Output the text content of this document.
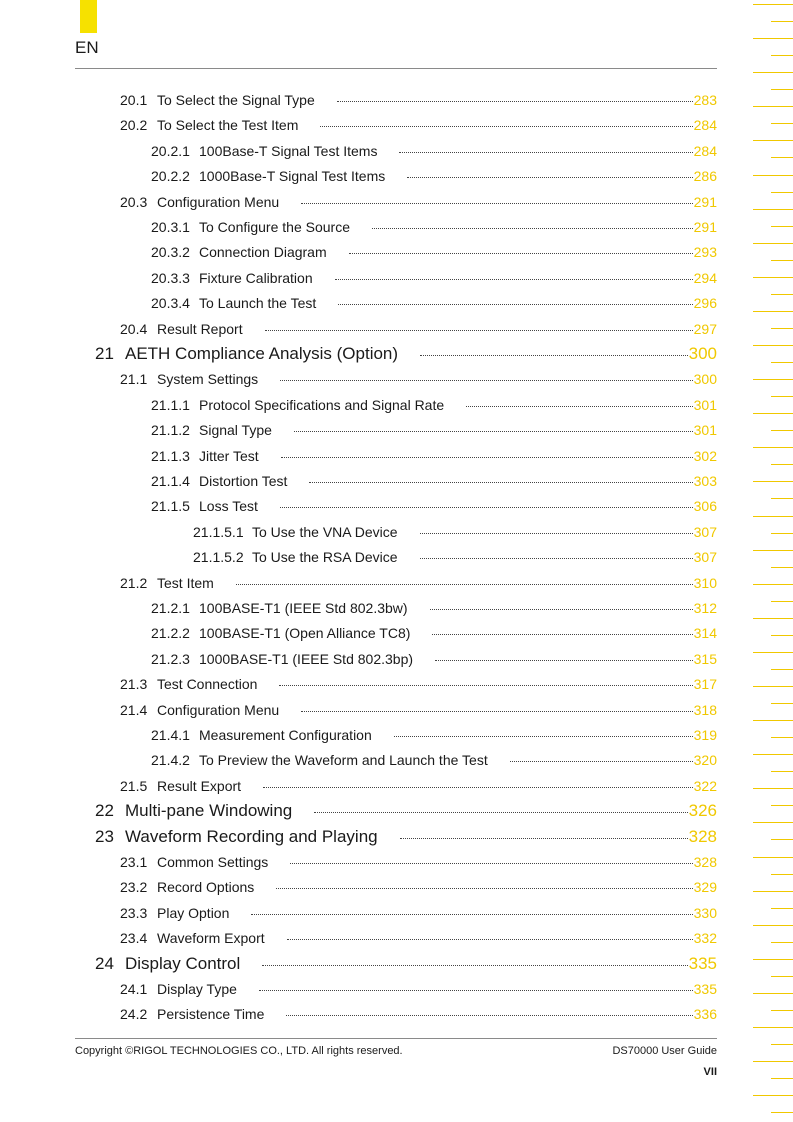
EN
20.1 To Select the Signal Type	283
20.2 To Select the Test Item	284
20.2.1 100Base-T Signal Test Items	284
20.2.2 1000Base-T Signal Test Items	286
20.3 Configuration Menu	291
20.3.1 To Configure the Source	291
20.3.2 Connection Diagram	293
20.3.3 Fixture Calibration	294
20.3.4 To Launch the Test	296
20.4 Result Report	297
21 AETH Compliance Analysis (Option)	300
21.1 System Settings	300
21.1.1 Protocol Specifications and Signal Rate	301
21.1.2 Signal Type	301
21.1.3 Jitter Test	302
21.1.4 Distortion Test	303
21.1.5 Loss Test	306
21.1.5.1 To Use the VNA Device	307
21.1.5.2 To Use the RSA Device	307
21.2 Test Item	310
21.2.1 100BASE-T1 (IEEE Std 802.3bw)	312
21.2.2 100BASE-T1 (Open Alliance TC8)	314
21.2.3 1000BASE-T1 (IEEE Std 802.3bp)	315
21.3 Test Connection	317
21.4 Configuration Menu	318
21.4.1 Measurement Configuration	319
21.4.2 To Preview the Waveform and Launch the Test	320
21.5 Result Export	322
22 Multi-pane Windowing	326
23 Waveform Recording and Playing	328
23.1 Common Settings	328
23.2 Record Options	329
23.3 Play Option	330
23.4 Waveform Export	332
24 Display Control	335
24.1 Display Type	335
24.2 Persistence Time	336
Copyright ©RIGOL TECHNOLOGIES CO., LTD. All rights reserved.	DS70000 User Guide
VII
